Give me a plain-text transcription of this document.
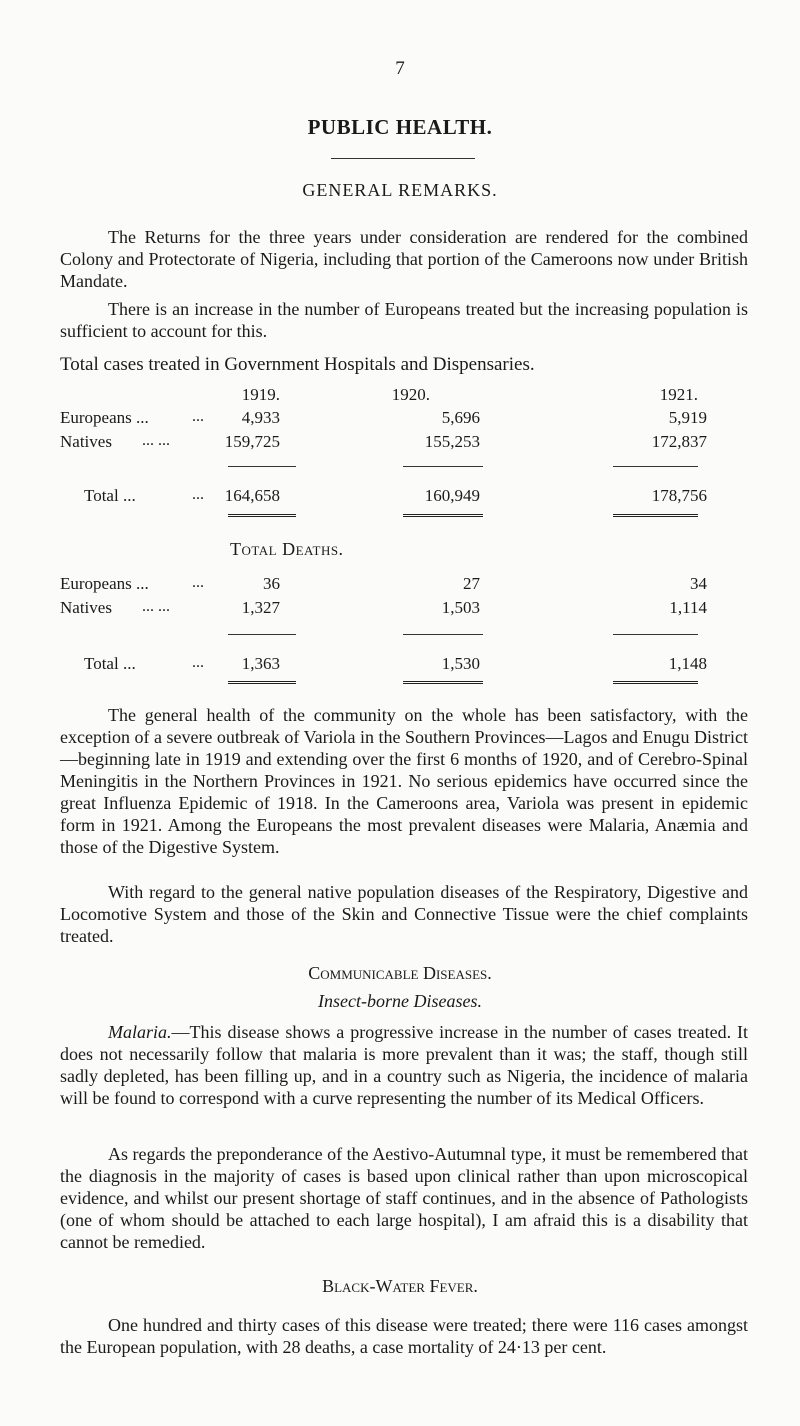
7
PUBLIC HEALTH.
GENERAL REMARKS.
The Returns for the three years under consideration are rendered for the combined Colony and Protectorate of Nigeria, including that portion of the Cameroons now under British Mandate.
There is an increase in the number of Europeans treated but the increasing population is sufficient to account for this.
Total cases treated in Government Hospitals and Dispensaries.
1919.	1920.	1921.
Europeans ...	...	4,933	5,696	5,919
Natives ... ...	159,725	155,253	172,837
Total ...	...	164,658	160,949	178,756
Total Deaths.
Europeans ...	...	36	27	34
Natives ... ...	1,327	1,503	1,114
Total ...	...	1,363	1,530	1,148
The general health of the community on the whole has been satisfactory, with the exception of a severe outbreak of Variola in the Southern Provinces—Lagos and Enugu District—beginning late in 1919 and extending over the first 6 months of 1920, and of Cerebro-Spinal Meningitis in the Northern Provinces in 1921. No serious epidemics have occurred since the great Influenza Epidemic of 1918. In the Cameroons area, Variola was present in epidemic form in 1921. Among the Europeans the most prevalent diseases were Malaria, Anæmia and those of the Digestive System.
With regard to the general native population diseases of the Respiratory, Digestive and Locomotive System and those of the Skin and Connective Tissue were the chief complaints treated.
Communicable Diseases.
Insect-borne Diseases.
Malaria.—This disease shows a progressive increase in the number of cases treated. It does not necessarily follow that malaria is more prevalent than it was; the staff, though still sadly depleted, has been filling up, and in a country such as Nigeria, the incidence of malaria will be found to correspond with a curve representing the number of its Medical Officers.
As regards the preponderance of the Aestivo-Autumnal type, it must be remembered that the diagnosis in the majority of cases is based upon clinical rather than upon microscopical evidence, and whilst our present shortage of staff continues, and in the absence of Pathologists (one of whom should be attached to each large hospital), I am afraid this is a disability that cannot be remedied.
Black-Water Fever.
One hundred and thirty cases of this disease were treated; there were 116 cases amongst the European population, with 28 deaths, a case mortality of 24·13 per cent.
